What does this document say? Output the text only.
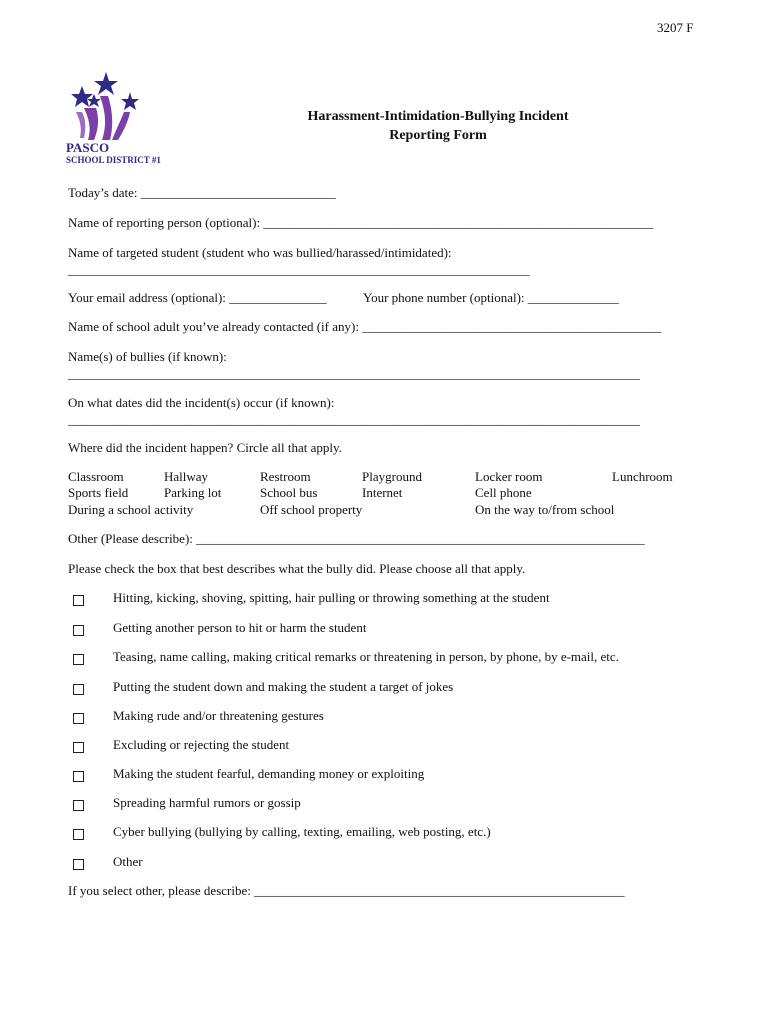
3207 F
PASCO
SCHOOL DISTRICT #1
Harassment-Intimidation-Bullying Incident
Reporting Form
Today’s date: ______________________________
Name of reporting person (optional): ____________________________________________________________
Name of targeted student (student who was bullied/harassed/intimidated):
_______________________________________________________________________
Your email address (optional): _______________	Your phone number (optional): ______________
Name of school adult you’ve already contacted (if any): ______________________________________________
Name(s) of bullies (if known):
________________________________________________________________________________________
On what dates did the incident(s) occur (if known):
________________________________________________________________________________________
Where did the incident happen? Circle all that apply.
Classroom	Hallway	Restroom	Playground	Locker room	Lunchroom
Sports field	Parking lot	School bus	Internet	Cell phone
During a school activity	Off school property	On the way to/from school
Other (Please describe): _____________________________________________________________________
Please check the box that best describes what the bully did. Please choose all that apply.
Hitting, kicking, shoving, spitting, hair pulling or throwing something at the student
Getting another person to hit or harm the student
Teasing, name calling, making critical remarks or threatening in person, by phone, by e-mail, etc.
Putting the student down and making the student a target of jokes
Making rude and/or threatening gestures
Excluding or rejecting the student
Making the student fearful, demanding money or exploiting
Spreading harmful rumors or gossip
Cyber bullying (bullying by calling, texting, emailing, web posting, etc.)
Other
If you select other, please describe: _________________________________________________________
